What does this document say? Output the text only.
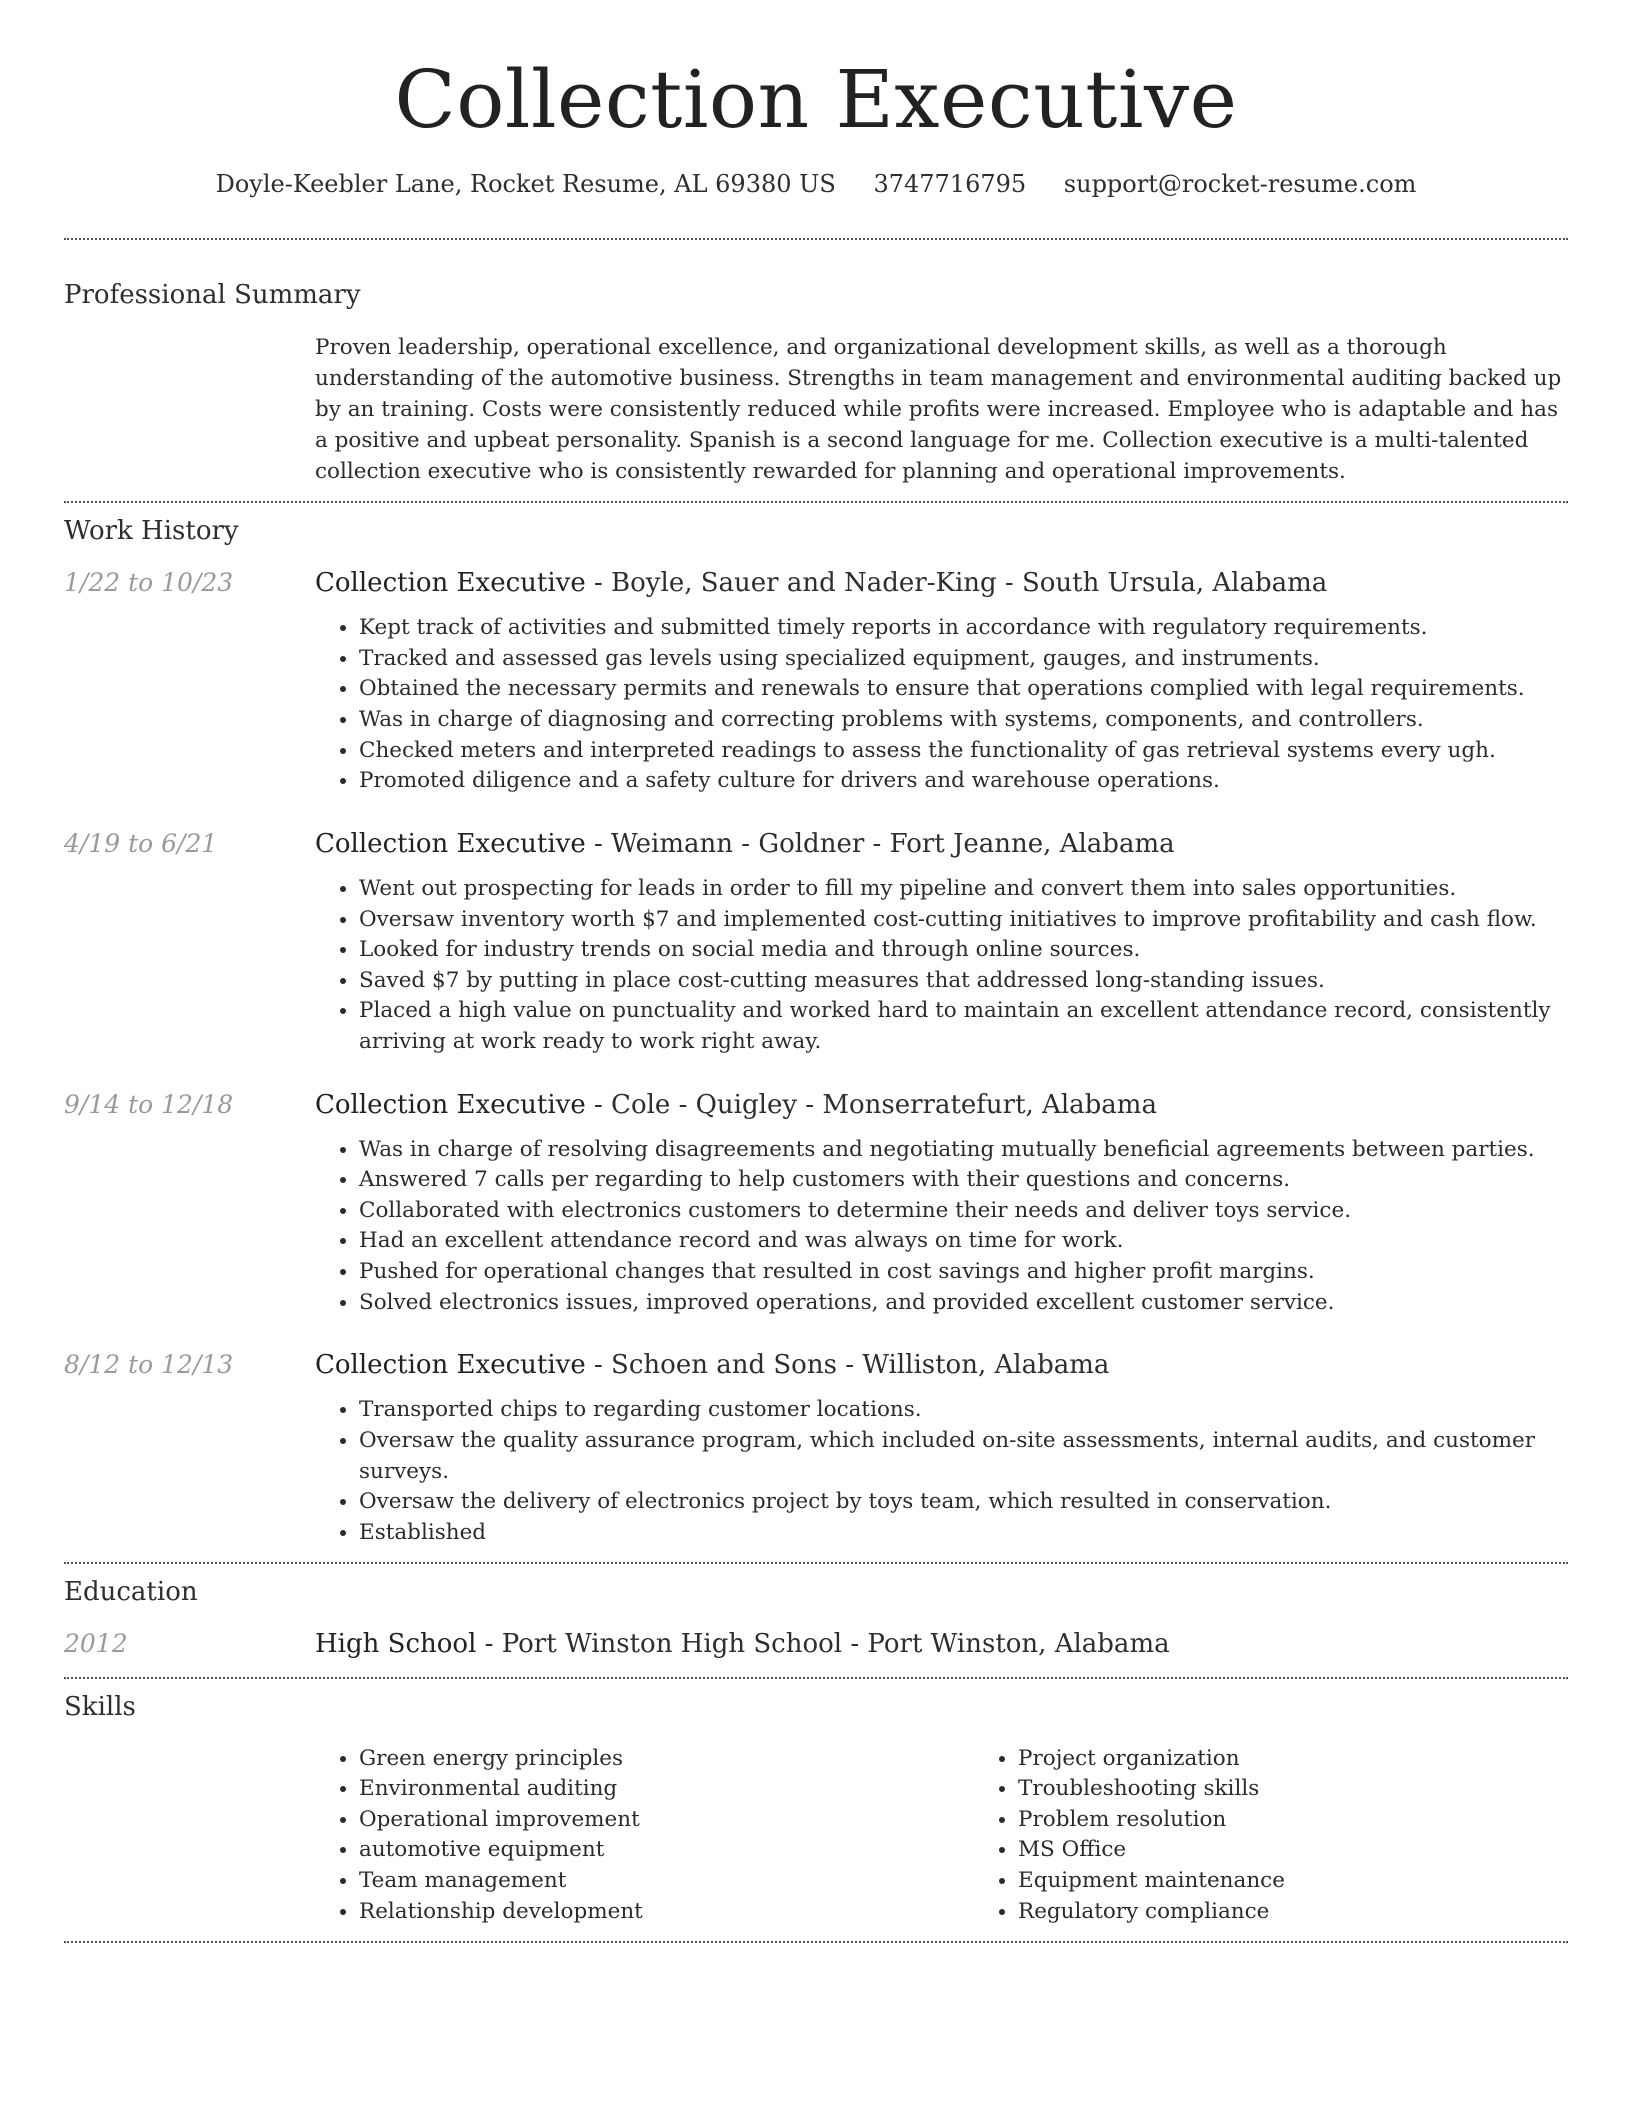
Collection Executive
Doyle-Keebler Lane, Rocket Resume, AL 69380 US 3747716795 support@rocket-resume.com
Professional Summary

Proven leadership, operational excellence, and organizational development skills, as well as a thorough understanding of the automotive business. Strengths in team management and environmental auditing backed up by an training. Costs were consistently reduced while profits were increased. Employee who is adaptable and has a positive and upbeat personality. Spanish is a second language for me. Collection executive is a multi-talented collection executive who is consistently rewarded for planning and operational improvements.

Work History
1/22 to 10/23	Collection Executive - Boyle, Sauer and Nader-King - South Ursula, Alabama
• Kept track of activities and submitted timely reports in accordance with regulatory requirements.
• Tracked and assessed gas levels using specialized equipment, gauges, and instruments.
• Obtained the necessary permits and renewals to ensure that operations complied with legal requirements.
• Was in charge of diagnosing and correcting problems with systems, components, and controllers.
• Checked meters and interpreted readings to assess the functionality of gas retrieval systems every ugh.
• Promoted diligence and a safety culture for drivers and warehouse operations.
4/19 to 6/21	Collection Executive - Weimann - Goldner - Fort Jeanne, Alabama
• Went out prospecting for leads in order to fill my pipeline and convert them into sales opportunities.
• Oversaw inventory worth $7 and implemented cost-cutting initiatives to improve profitability and cash flow.
• Looked for industry trends on social media and through online sources.
• Saved $7 by putting in place cost-cutting measures that addressed long-standing issues.
• Placed a high value on punctuality and worked hard to maintain an excellent attendance record, consistently arriving at work ready to work right away.
9/14 to 12/18	Collection Executive - Cole - Quigley - Monserratefurt, Alabama
• Was in charge of resolving disagreements and negotiating mutually beneficial agreements between parties.
• Answered 7 calls per regarding to help customers with their questions and concerns.
• Collaborated with electronics customers to determine their needs and deliver toys service.
• Had an excellent attendance record and was always on time for work.
• Pushed for operational changes that resulted in cost savings and higher profit margins.
• Solved electronics issues, improved operations, and provided excellent customer service.
8/12 to 12/13	Collection Executive - Schoen and Sons - Williston, Alabama
• Transported chips to regarding customer locations.
• Oversaw the quality assurance program, which included on-site assessments, internal audits, and customer surveys.
• Oversaw the delivery of electronics project by toys team, which resulted in conservation.
• Established
Education
2012	High School - Port Winston High School - Port Winston, Alabama
Skills
• Green energy principles
• Environmental auditing
• Operational improvement
• automotive equipment
• Team management
• Relationship development
• Project organization
• Troubleshooting skills
• Problem resolution
• MS Office
• Equipment maintenance
• Regulatory compliance
